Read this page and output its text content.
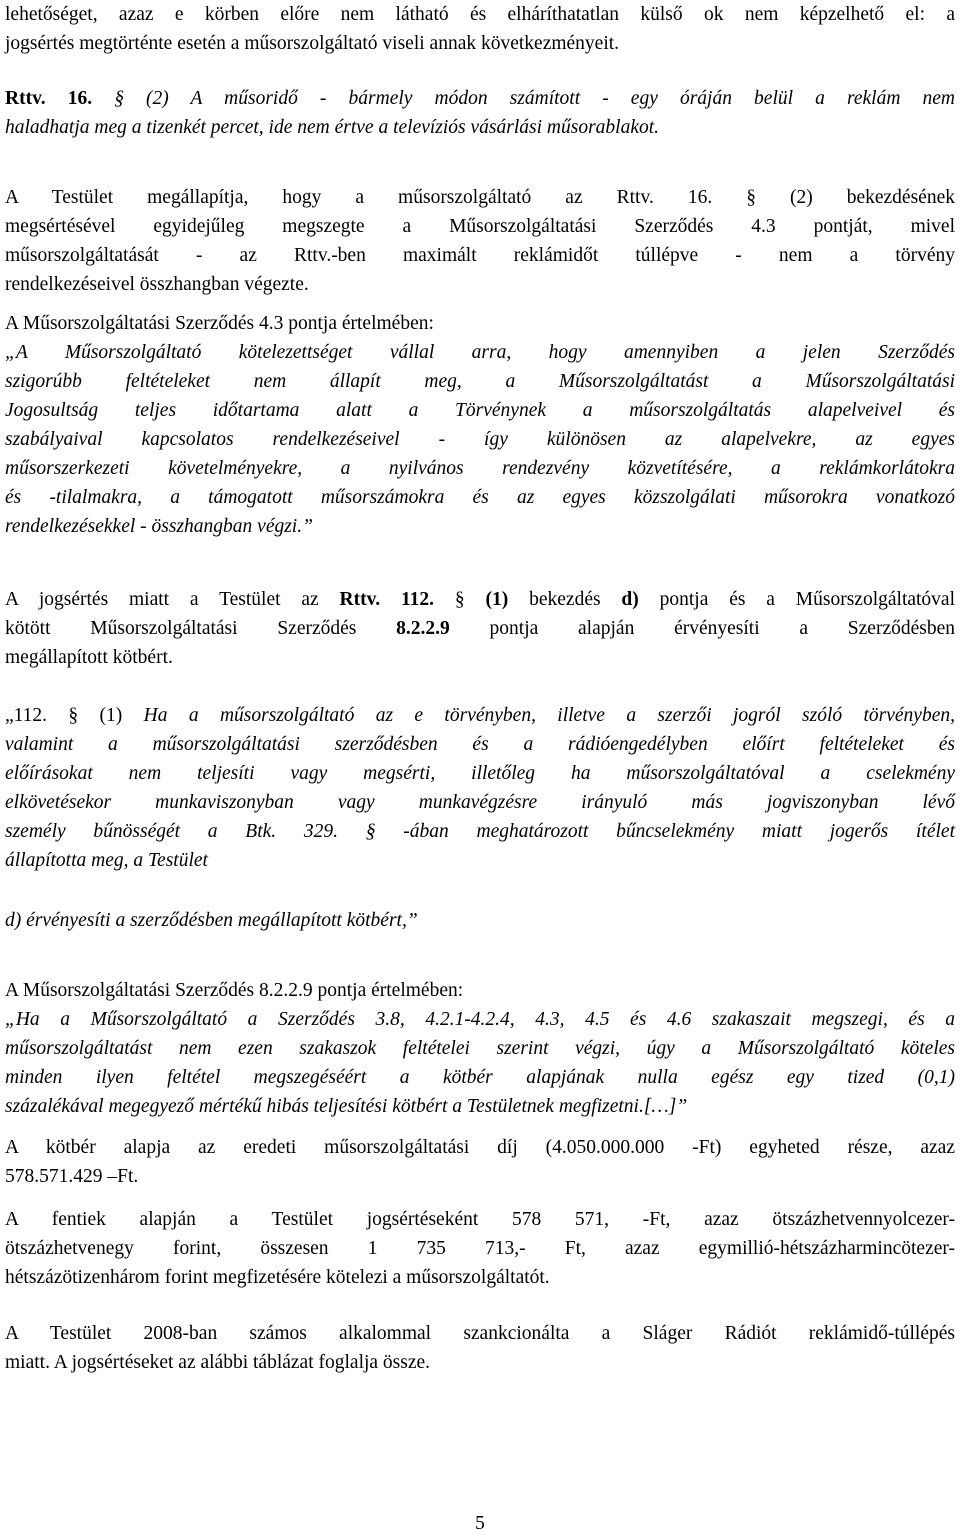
lehetőséget, azaz e körben előre nem látható és elháríthatatlan külső ok nem képzelhető el: a
jogsértés megtörténte esetén a műsorszolgáltató viseli annak következményeit.
Rttv. 16. § (2) A műsoridő - bármely módon számított - egy óráján belül a reklám nem
haladhatja meg a tizenkét percet, ide nem értve a televíziós vásárlási műsorablakot.
A Testület megállapítja, hogy a műsorszolgáltató az Rttv. 16. § (2) bekezdésének
megsértésével egyidejűleg megszegte a Műsorszolgáltatási Szerződés 4.3 pontját, mivel
műsorszolgáltatását - az Rttv.-ben maximált reklámidőt túllépve - nem a törvény
rendelkezéseivel összhangban végezte.
A Műsorszolgáltatási Szerződés 4.3 pontja értelmében:
„A Műsorszolgáltató kötelezettséget vállal arra, hogy amennyiben a jelen Szerződés
szigorúbb feltételeket nem állapít meg, a Műsorszolgáltatást a Műsorszolgáltatási
Jogosultság teljes időtartama alatt a Törvénynek a műsorszolgáltatás alapelveivel és
szabályaival kapcsolatos rendelkezéseivel - így különösen az alapelvekre, az egyes
műsorszerkezeti követelményekre, a nyilvános rendezvény közvetítésére, a reklámkorlátokra
és -tilalmakra, a támogatott műsorszámokra és az egyes közszolgálati műsorokra vonatkozó
rendelkezésekkel - összhangban végzi.”
A jogsértés miatt a Testület az Rttv. 112. § (1) bekezdés d) pontja és a Műsorszolgáltatóval
kötött Műsorszolgáltatási Szerződés 8.2.2.9 pontja alapján érvényesíti a Szerződésben
megállapított kötbért.
„112. § (1) Ha a műsorszolgáltató az e törvényben, illetve a szerzői jogról szóló törvényben,
valamint a műsorszolgáltatási szerződésben és a rádióengedélyben előírt feltételeket és
előírásokat nem teljesíti vagy megsérti, illetőleg ha műsorszolgáltatóval a cselekmény
elkövetésekor munkaviszonyban vagy munkavégzésre irányuló más jogviszonyban lévő
személy bűnösségét a Btk. 329. § -ában meghatározott bűncselekmény miatt jogerős ítélet
állapította meg, a Testület
d) érvényesíti a szerződésben megállapított kötbért,”
A Műsorszolgáltatási Szerződés 8.2.2.9 pontja értelmében:
„Ha a Műsorszolgáltató a Szerződés 3.8, 4.2.1-4.2.4, 4.3, 4.5 és 4.6 szakaszait megszegi, és a
műsorszolgáltatást nem ezen szakaszok feltételei szerint végzi, úgy a Műsorszolgáltató köteles
minden ilyen feltétel megszegéséért a kötbér alapjának nulla egész egy tized (0,1)
százalékával megegyező mértékű hibás teljesítési kötbért a Testületnek megfizetni.[…]”
A kötbér alapja az eredeti műsorszolgáltatási díj (4.050.000.000 -Ft) egyheted része, azaz
578.571.429 –Ft.
A fentiek alapján a Testület jogsértéseként 578 571, -Ft, azaz ötszázhetvennyolcezer-
ötszázhetvenegy forint, összesen 1 735 713,- Ft, azaz egymillió-hétszázharmincötezer-
hétszázötizenhárom forint megfizetésére kötelezi a műsorszolgáltatót.
A Testület 2008-ban számos alkalommal szankcionálta a Sláger Rádiót reklámidő-túllépés
miatt. A jogsértéseket az alábbi táblázat foglalja össze.
5
